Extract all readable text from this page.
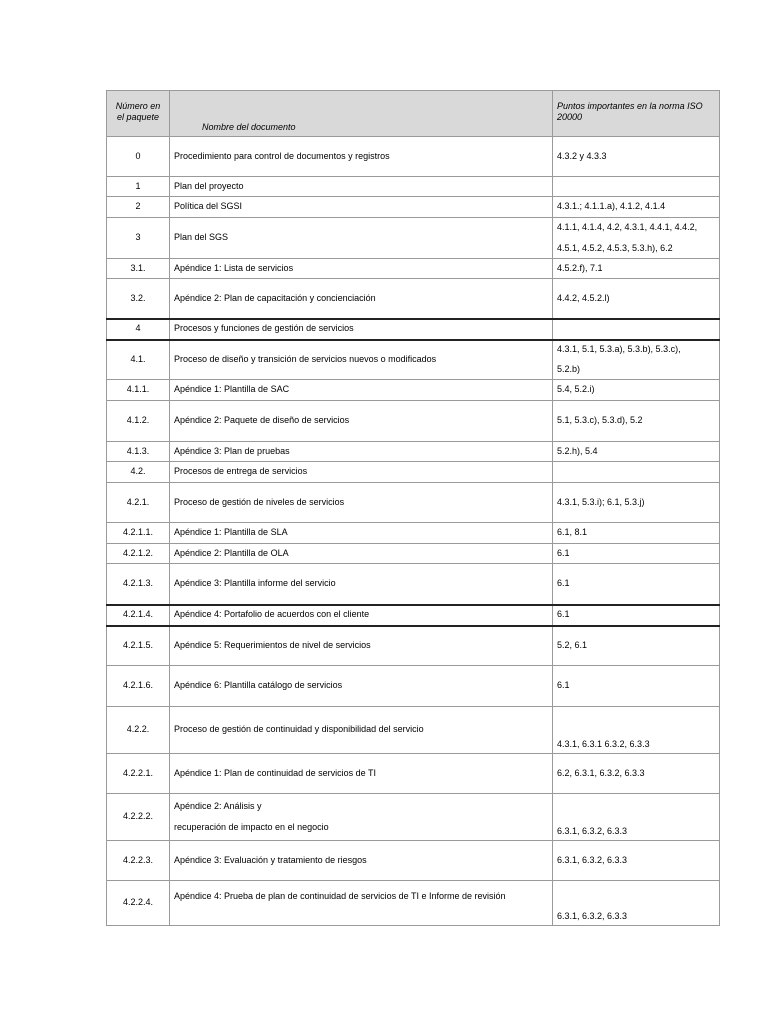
Número en el paquete	Nombre del documento	Puntos importantes en la norma ISO 20000
0	Procedimiento para control de documentos y registros	4.3.2 y 4.3.3
1	Plan del proyecto	
2	Política del SGSI	4.3.1.; 4.1.1.a), 4.1.2, 4.1.4
3	Plan del SGS	4.1.1, 4.1.4, 4.2, 4.3.1, 4.4.1, 4.4.2,
4.5.1, 4.5.2, 4.5.3, 5.3.h), 6.2

3.1.	Apéndice 1: Lista de servicios	4.5.2.f), 7.1
3.2.	Apéndice 2: Plan de capacitación y concienciación	4.4.2, 4.5.2.l)
4	Procesos y funciones de gestión de servicios	
4.1.	Proceso de diseño y transición de servicios nuevos o modificados	4.3.1, 5.1, 5.3.a), 5.3.b), 5.3.c),
5.2.b)

4.1.1.	Apéndice 1: Plantilla de SAC	5.4, 5.2.i)
4.1.2.	Apéndice 2: Paquete de diseño de servicios	5.1, 5.3.c), 5.3.d), 5.2
4.1.3.	Apéndice 3: Plan de pruebas	5.2.h), 5.4
4.2.	Procesos de entrega de servicios	
4.2.1.	Proceso de gestión de niveles de servicios	4.3.1, 5.3.i); 6.1, 5.3.j)
4.2.1.1.	Apéndice 1: Plantilla de SLA	6.1, 8.1
4.2.1.2.	Apéndice 2: Plantilla de OLA	6.1
4.2.1.3.	Apéndice 3: Plantilla informe del servicio	6.1
4.2.1.4.	Apéndice 4: Portafolio de acuerdos con el cliente	6.1
4.2.1.5.	Apéndice 5: Requerimientos de nivel de servicios	5.2, 6.1
4.2.1.6.	Apéndice 6: Plantilla catálogo de servicios	6.1
4.2.2.	Proceso de gestión de continuidad y disponibilidad del servicio	4.3.1, 6.3.1 6.3.2, 6.3.3
4.2.2.1.	Apéndice 1: Plan de continuidad de servicios de TI	6.2, 6.3.1, 6.3.2, 6.3.3
4.2.2.2.	Apéndice 2: Análisis y
recuperación de impacto en el negocio	6.3.1, 6.3.2, 6.3.3
4.2.2.3.	Apéndice 3: Evaluación y tratamiento de riesgos	6.3.1, 6.3.2, 6.3.3
4.2.2.4.	Apéndice 4: Prueba de plan de continuidad de servicios de TI e Informe de revisión	6.3.1, 6.3.2, 6.3.3
